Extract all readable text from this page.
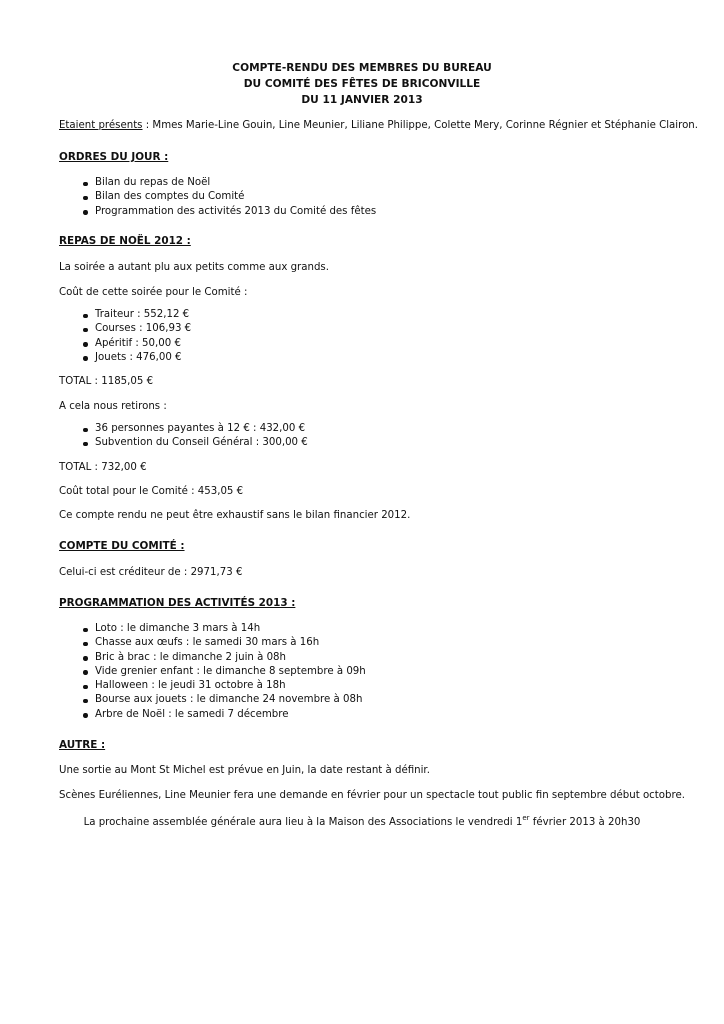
COMPTE-RENDU DES MEMBRES DU BUREAU
DU COMITÉ DES FÊTES DE BRICONVILLE
DU 11 JANVIER 2013
Etaient présents : Mmes Marie-Line Gouin, Line Meunier, Liliane Philippe, Colette Mery, Corinne Régnier et Stéphanie Clairon.
ORDRES DU JOUR :
Bilan du repas de Noël
Bilan des comptes du Comité
Programmation des activités 2013 du Comité des fêtes
REPAS DE NOËL 2012 :
La soirée a autant plu aux petits comme aux grands.
Coût de cette soirée pour le Comité :
Traiteur : 552,12 €
Courses : 106,93 €
Apéritif : 50,00 €
Jouets : 476,00 €
TOTAL : 1185,05 €
A cela nous retirons :
36 personnes payantes à 12 € : 432,00 €
Subvention du Conseil Général : 300,00 €
TOTAL : 732,00 €
Coût total pour le Comité : 453,05 €
Ce compte rendu ne peut être exhaustif sans le bilan financier 2012.
COMPTE DU COMITÉ :
Celui-ci est créditeur de : 2971,73 €
PROGRAMMATION DES ACTIVITÉS 2013 :
Loto : le dimanche 3 mars à 14h
Chasse aux œufs : le samedi 30 mars à 16h
Bric à brac : le dimanche 2 juin à 08h
Vide grenier enfant : le dimanche 8 septembre à 09h
Halloween : le jeudi 31 octobre à 18h
Bourse aux jouets : le dimanche 24 novembre à 08h
Arbre de Noël : le samedi 7 décembre
AUTRE :
Une sortie au Mont St Michel est prévue en Juin, la date restant à définir.
Scènes Euréliennes, Line Meunier fera une demande en février pour un spectacle tout public fin septembre début octobre.
La prochaine assemblée générale aura lieu à la Maison des Associations le vendredi 1er février 2013 à 20h30
